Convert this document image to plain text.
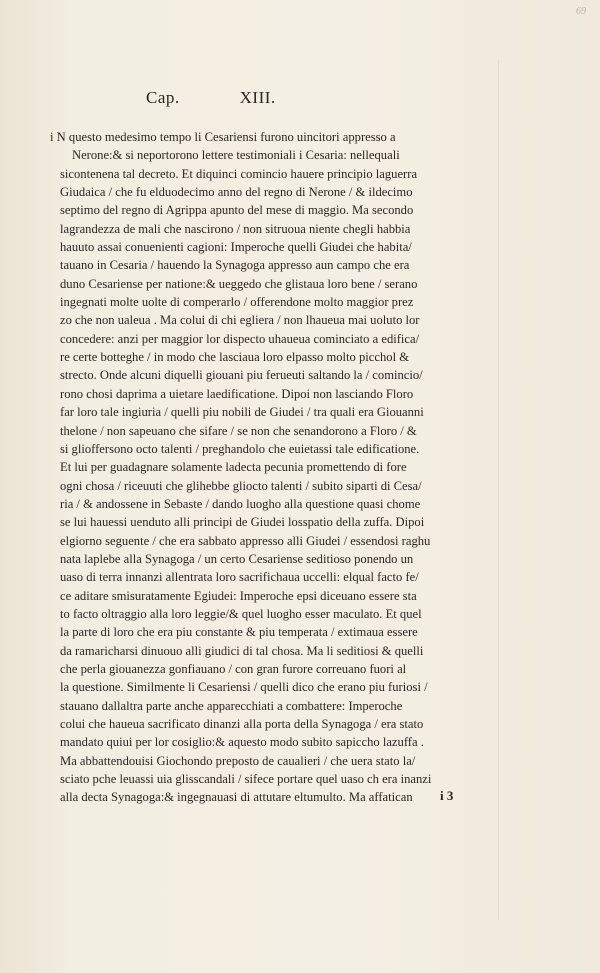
69
Cap.	XIII.
i N questo medesimo tempo li Cesariensi furono uincitori appresso a
Nerone:& si neportorono lettere testimoniali i Cesaria: nellequali
sicontenena tal decreto. Et diquinci comincio hauere principio laguerra
Giudaica / che fu elduodecimo anno del regno di Nerone / & ildecimo
septimo del regno di Agrippa apunto del mese di maggio. Ma secondo
lagrandezza de mali che nascirono / non sitruoua niente chegli habbia
hauuto assai conuenienti cagioni: Imperoche quelli Giudei che habita/
tauano in Cesaria / hauendo la Synagoga appresso aun campo che era
duno Cesariense per natione:& ueggedo che glistaua loro bene / serano
ingegnati molte uolte di comperarlo / offerendone molto maggior prez
zo che non ualeua . Ma colui di chi egliera / non lhaueua mai uoluto lor
concedere: anzi per maggior lor dispecto uhaueua cominciato a edifica/
re certe botteghe / in modo che lasciaua loro elpasso molto picchol &
strecto. Onde alcuni diquelli giouani piu ferueuti saltando la / comincio/
rono chosi daprima a uietare laedificatione. Dipoi non lasciando Floro
far loro tale ingiuria / quelli piu nobili de Giudei / tra quali era Giouanni
thelone / non sapeuano che sifare / se non che senandorono a Floro / &
si glioffersono octo talenti / preghandolo che euietassi tale edificatione.
Et lui per guadagnare solamente ladecta pecunia promettendo di fore
ogni chosa / riceuuti che glihebbe gliocto talenti / subito siparti di Cesa/
ria / & andossene in Sebaste / dando luogho alla questione quasi chome
se lui hauessi uenduto alli principi de Giudei losspatio della zuffa. Dipoi
elgiorno seguente / che era sabbato appresso alli Giudei / essendosi raghu
nata laplebe alla Synagoga / un certo Cesariense seditioso ponendo un
uaso di terra innanzi allentrata loro sacrifichaua uccelli: elqual facto fe/
ce aditare smisuratamente Egiudei: Imperoche epsi diceuano essere sta
to facto oltraggio alla loro leggie/& quel luogho esser maculato. Et quel
la parte di loro che era piu constante & piu temperata / extimaua essere
da ramaricharsi dinuouo alli giudici di tal chosa. Ma li seditiosi & quelli
che perla giouanezza gonfiauano / con gran furore correuano fuori al
la questione. Similmente li Cesariensi / quelli dico che erano piu furiosi /
stauano dallaltra parte anche apparecchiati a combattere: Imperoche
colui che haueua sacrificato dinanzi alla porta della Synagoga / era stato
mandato quiui per lor cosiglio:& aquesto modo subito sapiccho lazuffa .
Ma abbattendouisi Giochondo preposto de caualieri / che uera stato la/
sciato pche leuassi uia glisscandali / sifece portare quel uaso ch era inanzi
alla decta Synagoga:& ingegnauasi di attutare eltumulto. Ma affatican	i 3
